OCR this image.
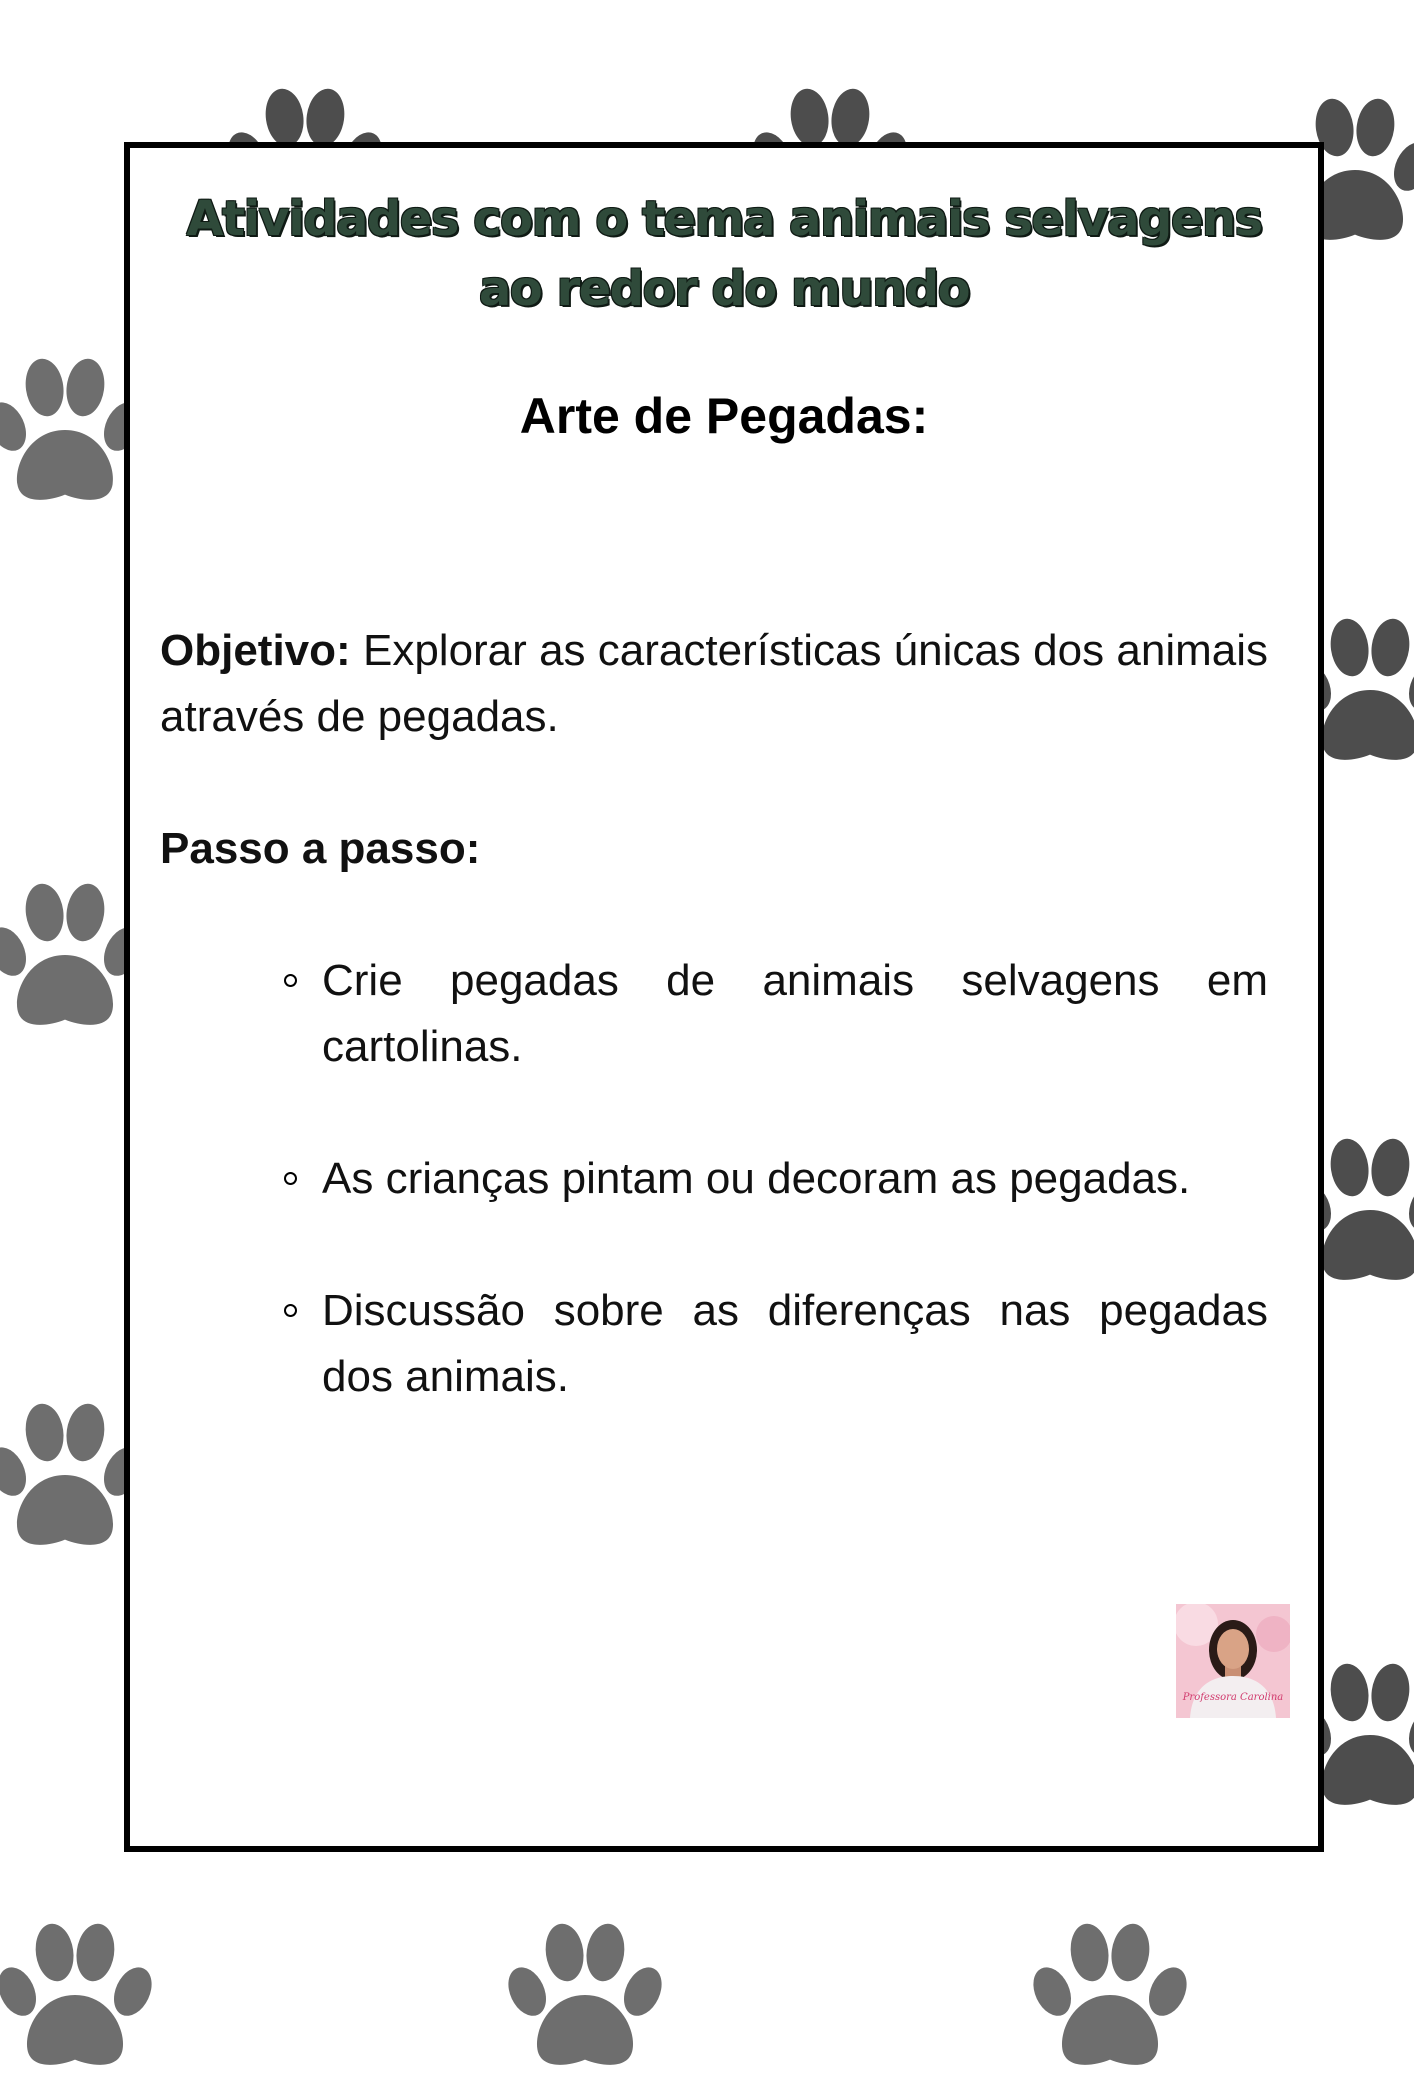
Atividades com o tema animais selvagens
ao redor do mundo
Arte de Pegadas:

Objetivo: Explorar as características únicas dos animais através de pegadas.

Passo a passo:
Crie pegadas de animais selvagens em cartolinas.
As crianças pintam ou decoram as pegadas.
Discussão sobre as diferenças nas pegadas dos animais.
Professora Carolina
